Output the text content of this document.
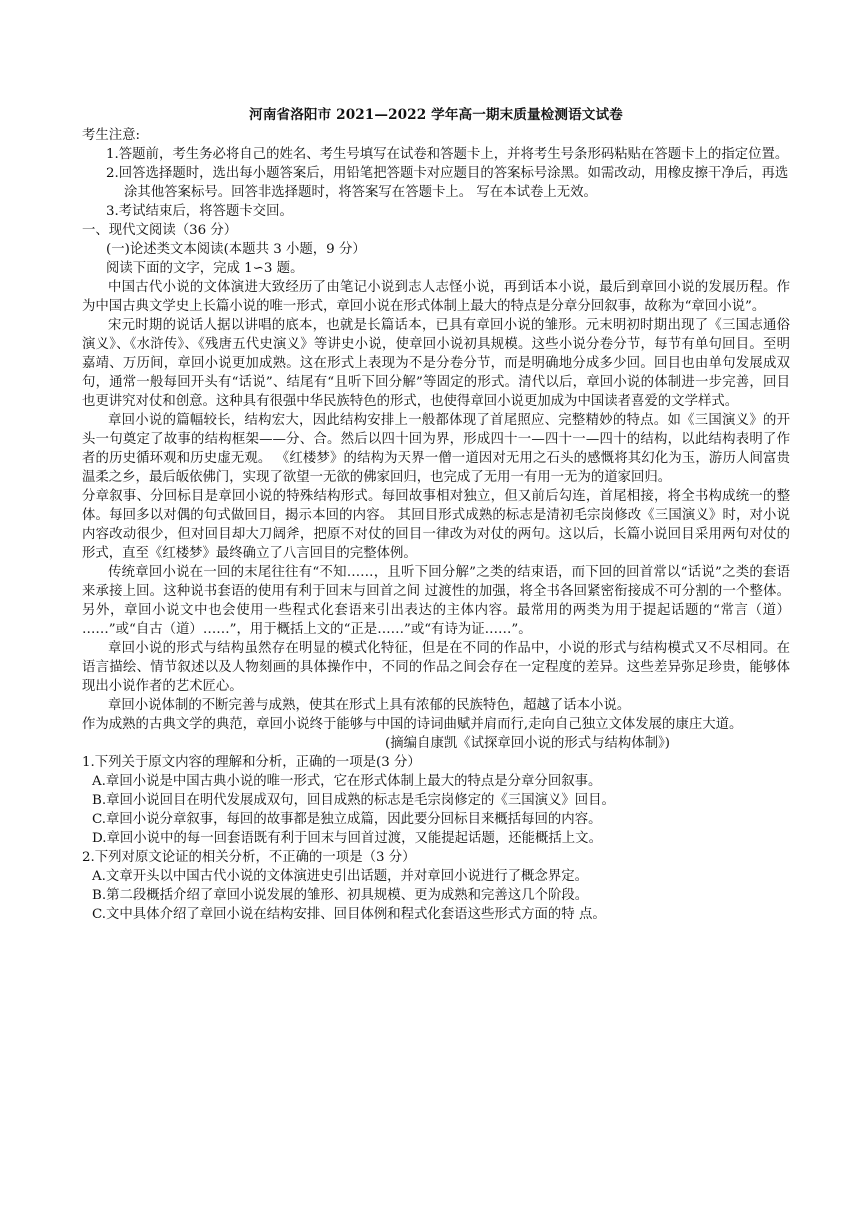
河南省洛阳市 2021—2022 学年高一期末质量检测语文试卷

考生注意:

1.答题前，考生务必将自己的姓名、考生号填写在试卷和答题卡上，并将考生号条形码粘贴在答题卡上的指定位置。

2.回答选择题时，选出每小题答案后，用铅笔把答题卡对应题目的答案标号涂黑。如需改动，用橡皮擦干净后，再选涂其他答案标号。回答非选择题时，将答案写在答题卡上。 写在本试卷上无效。

3.考试结束后，将答题卡交回。

一、现代文阅读（36 分）

(一)论述类文本阅读(本题共 3 小题，9 分）

阅读下面的文字，完成 1∽3 题。

中国古代小说的文体演进大致经历了由笔记小说到志人志怪小说，再到话本小说，最后到章回小说的发展历程。作为中国古典文学史上长篇小说的唯一形式，章回小说在形式体制上最大的特点是分章分回叙事，故称为“章回小说”。

宋元时期的说话人据以讲唱的底本，也就是长篇话本，已具有章回小说的雏形。元末明初时期出现了《三国志通俗演义》、《水浒传》、《残唐五代史演义》等讲史小说，使章回小说初具规模。这些小说分卷分节，每节有单句回目。至明嘉靖、万历间，章回小说更加成熟。这在形式上表现为不是分卷分节，而是明确地分成多少回。回目也由单句发展成双句，通常一般每回开头有“话说”、结尾有“且听下回分解”等固定的形式。清代以后，章回小说的体制进一步完善，回目也更讲究对仗和创意。这种具有很强中华民族特色的形式，也使得章回小说更加成为中国读者喜爱的文学样式。

章回小说的篇幅较长，结构宏大，因此结构安排上一般都体现了首尾照应、完整精妙的特点。如《三国演义》的开头一句奠定了故事的结构框架——分、合。然后以四十回为界，形成四十一—四十一—四十的结构，以此结构表明了作者的历史循环观和历史虚无观。 《红楼梦》的结构为天界一僧一道因对无用之石头的感慨将其幻化为玉，游历人间富贵温柔之乡，最后皈依佛门，实现了欲望一无欲的佛家回归，也完成了无用一有用一无为的道家回归。

分章叙事、分回标目是章回小说的特殊结构形式。每回故事相对独立，但又前后勾连，首尾相接，将全书构成统一的整体。每回多以对偶的句式做回目，揭示本回的内容。 其回目形式成熟的标志是清初毛宗岗修改《三国演义》时，对小说内容改动很少，但对回目却大刀阔斧，把原不对仗的回目一律改为对仗的两句。这以后，长篇小说回目采用两句对仗的形式，直至《红楼梦》最终确立了八言回目的完整体例。

传统章回小说在一回的末尾往往有“不知……，且听下回分解”之类的结束语，而下回的回首常以“话说”之类的套语来承接上回。这种说书套语的使用有利于回末与回首之间 过渡性的加强，将全书各回紧密衔接成不可分割的一个整体。另外，章回小说文中也会使用一些程式化套语来引出表达的主体内容。最常用的两类为用于提起话题的“常言（道） ……”或“自古（道）……”，用于概括上文的“正是……”或“有诗为证……”。

章回小说的形式与结构虽然存在明显的模式化特征，但是在不同的作品中，小说的形式与结构模式又不尽相同。在语言描绘、情节叙述以及人物刻画的具体操作中，不同的作品之间会存在一定程度的差异。这些差异弥足珍贵，能够体现出小说作者的艺术匠心。

章回小说体制的不断完善与成熟，使其在形式上具有浓郁的民族特色，超越了话本小说。

作为成熟的古典文学的典范，章回小说终于能够与中国的诗词曲赋并肩而行,走向自己独立文体发展的康庄大道。

(摘编自康凯《试探章回小说的形式与结构体制》)

1.下列关于原文内容的理解和分析，正确的一项是(3 分）

A.章回小说是中国古典小说的唯一形式，它在形式体制上最大的特点是分章分回叙事。

B.章回小说回目在明代发展成双句，回目成熟的标志是毛宗岗修定的《三国演义》回目。

C.章回小说分章叙事，每回的故事都是独立成篇，因此要分回标目来概括每回的内容。

D.章回小说中的每一回套语既有利于回末与回首过渡，又能提起话题，还能概括上文。

2.下列对原文论证的相关分析，不正确的一项是（3 分）

A.文章开头以中国古代小说的文体演进史引出话题，并对章回小说进行了概念界定。

B.第二段概括介绍了章回小说发展的雏形、初具规模、更为成熟和完善这几个阶段。

C.文中具体介绍了章回小说在结构安排、回目体例和程式化套语这些形式方面的特 点。
